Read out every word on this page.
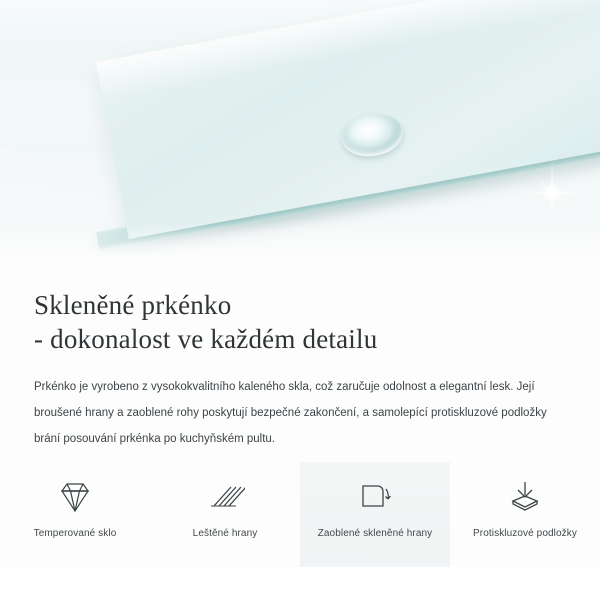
Skleněné prkénko
- dokonalost ve každém detailu

Prkénko je vyrobeno z vysokokvalitního kaleného skla, což zaručuje odolnost a elegantní lesk. Její broušené hrany a zaoblené rohy poskytují bezpečné zakončení, a samolepící protiskluzové podložky brání posouvání prkénka po kuchyňském pultu.

Temperované sklo	Leštěné hrany	Zaoblené skleněné hrany	Protiskluzové podložky
